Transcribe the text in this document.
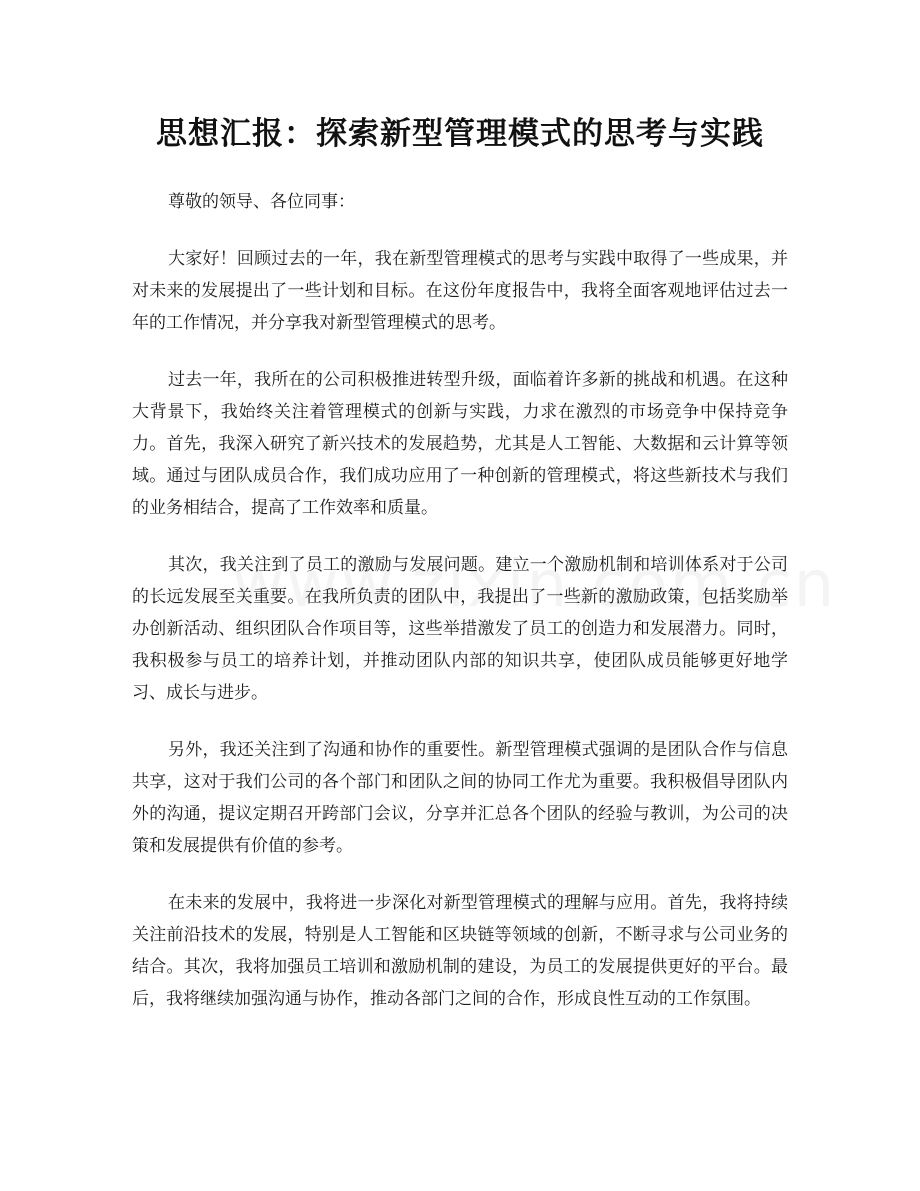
思想汇报：探索新型管理模式的思考与实践

尊敬的领导、各位同事：

大家好！回顾过去的一年，我在新型管理模式的思考与实践中取得了一些成果，并对未来的发展提出了一些计划和目标。在这份年度报告中，我将全面客观地评估过去一年的工作情况，并分享我对新型管理模式的思考。

过去一年，我所在的公司积极推进转型升级，面临着许多新的挑战和机遇。在这种大背景下，我始终关注着管理模式的创新与实践，力求在激烈的市场竞争中保持竞争力。首先，我深入研究了新兴技术的发展趋势，尤其是人工智能、大数据和云计算等领域。通过与团队成员合作，我们成功应用了一种创新的管理模式，将这些新技术与我们的业务相结合，提高了工作效率和质量。

其次，我关注到了员工的激励与发展问题。建立一个激励机制和培训体系对于公司的长远发展至关重要。在我所负责的团队中，我提出了一些新的激励政策，包括奖励举办创新活动、组织团队合作项目等，这些举措激发了员工的创造力和发展潜力。同时，我积极参与员工的培养计划，并推动团队内部的知识共享，使团队成员能够更好地学习、成长与进步。

另外，我还关注到了沟通和协作的重要性。新型管理模式强调的是团队合作与信息共享，这对于我们公司的各个部门和团队之间的协同工作尤为重要。我积极倡导团队内外的沟通，提议定期召开跨部门会议，分享并汇总各个团队的经验与教训，为公司的决策和发展提供有价值的参考。

在未来的发展中，我将进一步深化对新型管理模式的理解与应用。首先，我将持续关注前沿技术的发展，特别是人工智能和区块链等领域的创新，不断寻求与公司业务的结合。其次，我将加强员工培训和激励机制的建设，为员工的发展提供更好的平台。最后，我将继续加强沟通与协作，推动各部门之间的合作，形成良性互动的工作氛围。
